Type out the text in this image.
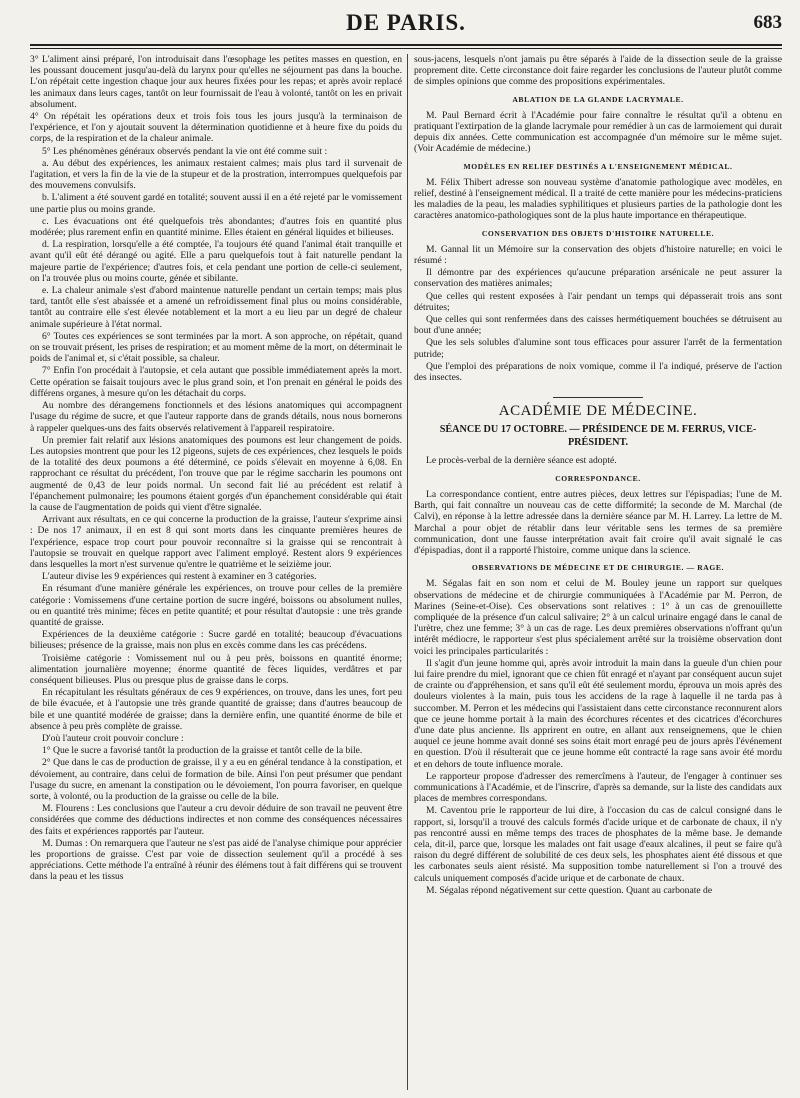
DE PARIS.	683

3° L'aliment ainsi préparé, l'on introduisait dans l'œsophage les petites masses en question, en les poussant doucement jusqu'au-delà du larynx pour qu'elles ne séjournent pas dans la bouche. L'on répétait cette ingestion chaque jour aux heures fixées pour les repas; et après avoir replacé les animaux dans leurs cages, tantôt on leur fournissait de l'eau à volonté, tantôt on les en privait absolument.

4° On répétait les opérations deux et trois fois tous les jours jusqu'à la terminaison de l'expérience, et l'on y ajoutait souvent la détermination quotidienne et à heure fixe du poids du corps, de la respiration et de la chaleur animale.

5° Les phénomènes généraux observés pendant la vie ont été comme suit :

a. Au début des expériences, les animaux restaient calmes; mais plus tard il survenait de l'agitation, et vers la fin de la vie de la stupeur et de la prostration, interrompues quelquefois par des mouvemens convulsifs.

b. L'aliment a été souvent gardé en totalité; souvent aussi il en a été rejeté par le vomissement une partie plus ou moins grande.

c. Les évacuations ont été quelquefois très abondantes; d'autres fois en quantité plus modérée; plus rarement enfin en quantité minime. Elles étaient en général liquides et bilieuses.

d. La respiration, lorsqu'elle a été comptée, l'a toujours été quand l'animal était tranquille et avant qu'il eût été dérangé ou agité. Elle a paru quelquefois tout à fait naturelle pendant la majeure partie de l'expérience; d'autres fois, et cela pendant une portion de celle-ci seulement, on l'a trouvée plus ou moins courte, génée et sibilante.

e. La chaleur animale s'est d'abord maintenue naturelle pendant un certain temps; mais plus tard, tantôt elle s'est abaissée et a amené un refroidissement final plus ou moins considérable, tantôt au contraire elle s'est élevée notablement et la mort a eu lieu par un degré de chaleur animale supérieure à l'état normal.

6° Toutes ces expériences se sont terminées par la mort. A son approche, on répétait, quand on se trouvait présent, les prises de respiration; et au moment même de la mort, on déterminait le poids de l'animal et, si c'était possible, sa chaleur.

7° Enfin l'on procédait à l'autopsie, et cela autant que possible immédiatement après la mort. Cette opération se faisait toujours avec le plus grand soin, et l'on prenait en général le poids des différens organes, à mesure qu'on les détachait du corps.

Au nombre des dérangemens fonctionnels et des lésions anatomiques qui accompagnent l'usage du régime de sucre, et que l'auteur rapporte dans de grands détails, nous nous bornerons à rappeler quelques-uns des faits observés relativement à l'appareil respiratoire.

Un premier fait relatif aux lésions anatomiques des poumons est leur changement de poids. Les autopsies montrent que pour les 12 pigeons, sujets de ces expériences, chez lesquels le poids de la totalité des deux poumons a été déterminé, ce poids s'élevait en moyenne à 6,08. En rapprochant ce résultat du précédent, l'on trouve que par le régime saccharin les poumons ont augmenté de 0,43 de leur poids normal. Un second fait lié au précédent est relatif à l'épanchement pulmonaire; les poumons étaient gorgés d'un épanchement considérable qui était la cause de l'augmentation de poids qui vient d'être signalée.

Arrivant aux résultats, en ce qui concerne la production de la graisse, l'auteur s'exprime ainsi : De nos 17 animaux, il en est 8 qui sont morts dans les cinquante premières heures de l'expérience, espace trop court pour pouvoir reconnaître si la graisse qui se rencontrait à l'autopsie se trouvait en quelque rapport avec l'aliment employé. Restent alors 9 expériences dans lesquelles la mort n'est survenue qu'entre le quatrième et le seizième jour.

L'auteur divise les 9 expériences qui restent à examiner en 3 catégories.

En résumant d'une manière générale les expériences, on trouve pour celles de la première catégorie : Vomissemens d'une certaine portion de sucre ingéré, boissons ou absolument nulles, ou en quantité très minime; fèces en petite quantité; et pour résultat d'autopsie : une très grande quantité de graisse.

Expériences de la deuxième catégorie : Sucre gardé en totalité; beaucoup d'évacuations bilieuses; présence de la graisse, mais non plus en excès comme dans les cas précédens.

Troisième catégorie : Vomissement nul ou à peu près, boissons en quantité énorme; alimentation journalière moyenne; énorme quantité de fèces liquides, verdâtres et par conséquent bilieuses. Plus ou presque plus de graisse dans le corps.

En récapitulant les résultats généraux de ces 9 expériences, on trouve, dans les unes, fort peu de bile évacuée, et à l'autopsie une très grande quantité de graisse; dans d'autres beaucoup de bile et une quantité modérée de graisse; dans la dernière enfin, une quantité énorme de bile et absence à peu près complète de graisse.

D'où l'auteur croit pouvoir conclure :

1° Que le sucre a favorisé tantôt la production de la graisse et tantôt celle de la bile.

2° Que dans le cas de production de graisse, il y a eu en général tendance à la constipation, et dévoiement, au contraire, dans celui de formation de bile. Ainsi l'on peut présumer que pendant l'usage du sucre, en amenant la constipation ou le dévoiement, l'on pourra favoriser, en quelque sorte, à volonté, ou la production de la graisse ou celle de la bile.

M. Flourens : Les conclusions que l'auteur a cru devoir déduire de son travail ne peuvent être considérées que comme des déductions indirectes et non comme des conséquences nécessaires des faits et expériences rapportés par l'auteur.

M. Dumas : On remarquera que l'auteur ne s'est pas aidé de l'analyse chimique pour apprécier les proportions de graisse. C'est par voie de dissection seulement qu'il a procédé à ses appréciations. Cette méthode l'a entraîné à réunir des élémens tout à fait différens qui se trouvent dans la peau et les tissus

sous-jacens, lesquels n'ont jamais pu être séparés à l'aide de la dissection seule de la graisse proprement dite. Cette circonstance doit faire regarder les conclusions de l'auteur plutôt comme de simples opinions que comme des propositions expérimentales.

ABLATION DE LA GLANDE LACRYMALE.

M. Paul Bernard écrit à l'Académie pour faire connaître le résultat qu'il a obtenu en pratiquant l'extirpation de la glande lacrymale pour remédier à un cas de larmoiement qui durait depuis dix années. Cette communication est accompagnée d'un mémoire sur le même sujet. (Voir Académie de médecine.)

MODÈLES EN RELIEF DESTINÉS A L'ENSEIGNEMENT MÉDICAL.

M. Félix Thibert adresse son nouveau système d'anatomie pathologique avec modèles, en relief, destiné à l'enseignement médical. Il a traité de cette manière pour les médecins-praticiens les maladies de la peau, les maladies syphilitiques et plusieurs parties de la pathologie dont les caractères anatomico-pathologiques sont de la plus haute importance en thérapeutique.

CONSERVATION DES OBJETS D'HISTOIRE NATURELLE.

M. Gannal lit un Mémoire sur la conservation des objets d'histoire naturelle; en voici le résumé :

Il démontre par des expériences qu'aucune préparation arsénicale ne peut assurer la conservation des matières animales;

Que celles qui restent exposées à l'air pendant un temps qui dépasserait trois ans sont détruites;

Que celles qui sont renfermées dans des caisses hermétiquement bouchées se détruisent au bout d'une année;

Que les sels solubles d'alumine sont tous efficaces pour assurer l'arrêt de la fermentation putride;

Que l'emploi des préparations de noix vomique, comme il l'a indiqué, préserve de l'action des insectes.

ACADÉMIE DE MÉDECINE.
SÉANCE DU 17 OCTOBRE. — PRÉSIDENCE DE M. FERRUS, VICE-PRÉSIDENT.

Le procès-verbal de la dernière séance est adopté.

CORRESPONDANCE.

La correspondance contient, entre autres pièces, deux lettres sur l'épispadias; l'une de M. Barth, qui fait connaître un nouveau cas de cette difformité; la seconde de M. Marchal (de Calvi), en réponse à la lettre adressée dans la dernière séance par M. H. Larrey. La lettre de M. Marchal a pour objet de rétablir dans leur véritable sens les termes de sa première communication, dont une fausse interprétation avait fait croire qu'il avait signalé le cas d'épispadias, dont il a rapporté l'histoire, comme unique dans la science.

OBSERVATIONS DE MÉDECINE ET DE CHIRURGIE. — RAGE.

M. Ségalas fait en son nom et celui de M. Bouley jeune un rapport sur quelques observations de médecine et de chirurgie communiquées à l'Académie par M. Perron, de Marines (Seine-et-Oise). Ces observations sont relatives : 1° à un cas de grenouillette compliquée de la présence d'un calcul salivaire; 2° à un calcul urinaire engagé dans le canal de l'urètre, chez une femme; 3° à un cas de rage. Les deux premières observations n'offrant qu'un intérêt médiocre, le rapporteur s'est plus spécialement arrêté sur la troisième observation dont voici les principales particularités :

Il s'agit d'un jeune homme qui, après avoir introduit la main dans la gueule d'un chien pour lui faire prendre du miel, ignorant que ce chien fût enragé et n'ayant par conséquent aucun sujet de crainte ou d'appréhension, et sans qu'il eût été seulement mordu, éprouva un mois après des douleurs violentes à la main, puis tous les accidens de la rage à laquelle il ne tarda pas à succomber. M. Perron et les médecins qui l'assistaient dans cette circonstance reconnurent alors que ce jeune homme portait à la main des écorchures récentes et des cicatrices d'écorchures d'une date plus ancienne. Ils apprirent en outre, en allant aux renseignemens, que le chien auquel ce jeune homme avait donné ses soins était mort enragé peu de jours après l'événement en question. D'où il résulterait que ce jeune homme eût contracté la rage sans avoir été mordu et en dehors de toute influence morale.

Le rapporteur propose d'adresser des remercîmens à l'auteur, de l'engager à continuer ses communications à l'Académie, et de l'inscrire, d'après sa demande, sur la liste des candidats aux places de membres correspondans.

M. Caventou prie le rapporteur de lui dire, à l'occasion du cas de calcul consigné dans le rapport, si, lorsqu'il a trouvé des calculs formés d'acide urique et de carbonate de chaux, il n'y pas rencontré aussi en même temps des traces de phosphates de la même base. Je demande cela, dit-il, parce que, lorsque les malades ont fait usage d'eaux alcalines, il peut se faire qu'à raison du degré différent de solubilité de ces deux sels, les phosphates aient été dissous et que les carbonates seuls aient résisté. Ma supposition tombe naturellement si l'on a trouvé des calculs uniquement composés d'acide urique et de carbonate de chaux.

M. Ségalas répond négativement sur cette question. Quant au carbonate de
